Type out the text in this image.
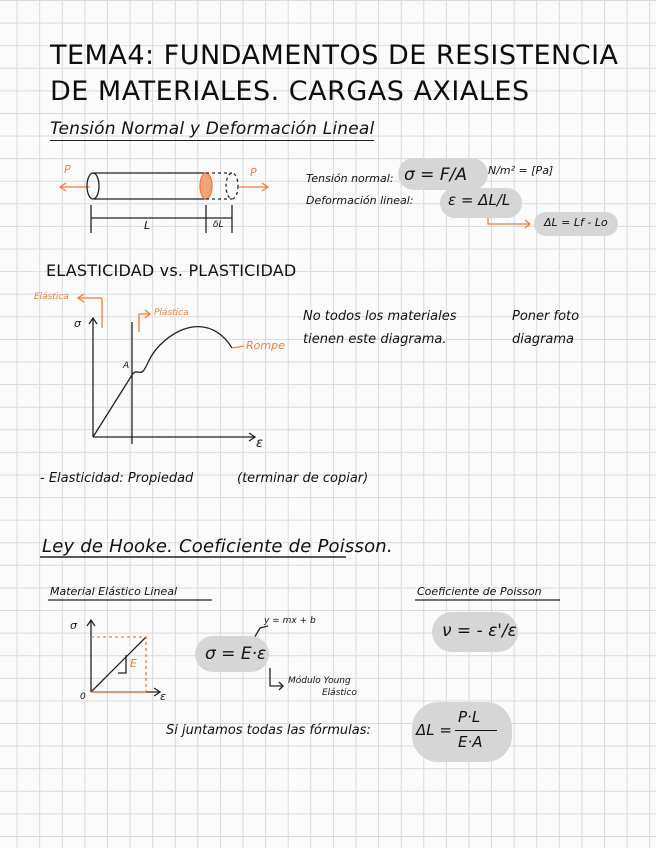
TEMA4: FUNDAMENTOS DE RESISTENCIA
DE MATERIALES. CARGAS AXIALES
Tensión Normal y Deformación Lineal
P	P
L	δL
Tensión normal: σ = F/A N/m² = [Pa]
Deformación lineal: ε = ΔL/L
ΔL = Lf - Lo
ELASTICIDAD vs. PLASTICIDAD
Elástica
Plástica
Rompe
σ
ε
A
No todos los materiales
tienen este diagrama.
Poner foto
diagrama
- Elasticidad: Propiedad	(terminar de copiar)
Ley de Hooke. Coeficiente de Poisson.
Material Elástico Lineal	Coeficiente de Poisson
σ
ε
0
E
y = mx + b
σ = E·ε
Módulo Young
Elástico
ν = - ε'/ε
Si juntamos todas las fórmulas:	ΔL =
P·L
E·A
